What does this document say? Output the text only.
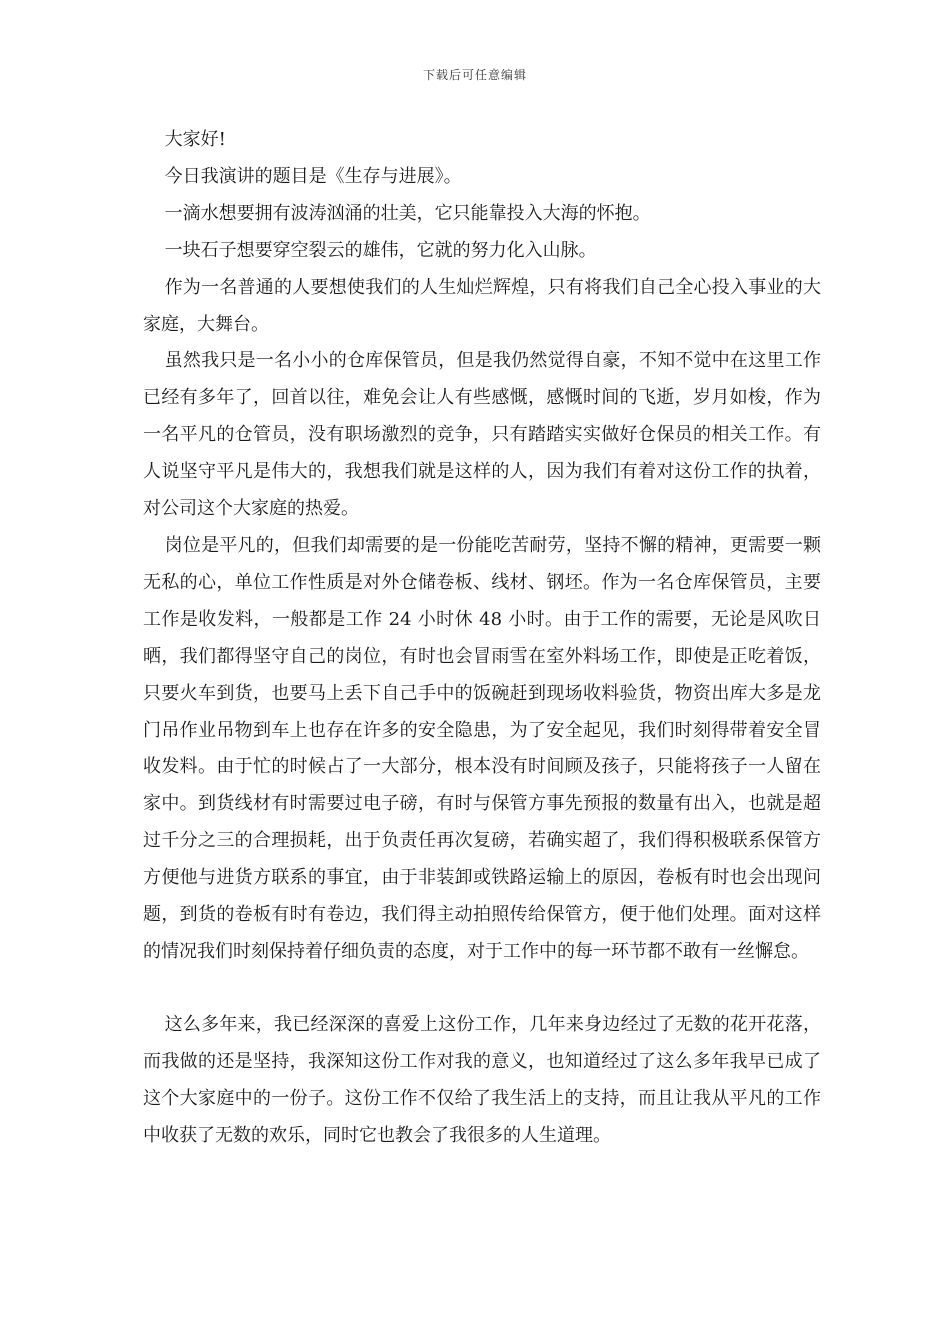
下载后可任意编辑

大家好!

今日我演讲的题目是《生存与进展》。

一滴水想要拥有波涛汹涌的壮美，它只能靠投入大海的怀抱。

一块石子想要穿空裂云的雄伟，它就的努力化入山脉。

作为一名普通的人要想使我们的人生灿烂辉煌，只有将我们自己全心投入事业的大家庭，大舞台。

虽然我只是一名小小的仓库保管员，但是我仍然觉得自豪，不知不觉中在这里工作已经有多年了，回首以往，难免会让人有些感慨，感慨时间的飞逝，岁月如梭，作为一名平凡的仓管员，没有职场激烈的竞争，只有踏踏实实做好仓保员的相关工作。有人说坚守平凡是伟大的，我想我们就是这样的人，因为我们有着对这份工作的执着，对公司这个大家庭的热爱。

岗位是平凡的，但我们却需要的是一份能吃苦耐劳，坚持不懈的精神，更需要一颗无私的心，单位工作性质是对外仓储卷板、线材、钢坯。作为一名仓库保管员，主要工作是收发料，一般都是工作 24 小时休 48 小时。由于工作的需要，无论是风吹日晒，我们都得坚守自己的岗位，有时也会冒雨雪在室外料场工作，即使是正吃着饭，只要火车到货，也要马上丢下自己手中的饭碗赶到现场收料验货，物资出库大多是龙门吊作业吊物到车上也存在许多的安全隐患，为了安全起见，我们时刻得带着安全冒收发料。由于忙的时候占了一大部分，根本没有时间顾及孩子，只能将孩子一人留在家中。到货线材有时需要过电子磅，有时与保管方事先预报的数量有出入，也就是超过千分之三的合理损耗，出于负责任再次复磅，若确实超了，我们得积极联系保管方方便他与进货方联系的事宜，由于非装卸或铁路运输上的原因，卷板有时也会出现问题，到货的卷板有时有卷边，我们得主动拍照传给保管方，便于他们处理。面对这样的情况我们时刻保持着仔细负责的态度，对于工作中的每一环节都不敢有一丝懈怠。

这么多年来，我已经深深的喜爱上这份工作，几年来身边经过了无数的花开花落，而我做的还是坚持，我深知这份工作对我的意义，也知道经过了这么多年我早已成了这个大家庭中的一份子。这份工作不仅给了我生活上的支持，而且让我从平凡的工作中收获了无数的欢乐，同时它也教会了我很多的人生道理。
